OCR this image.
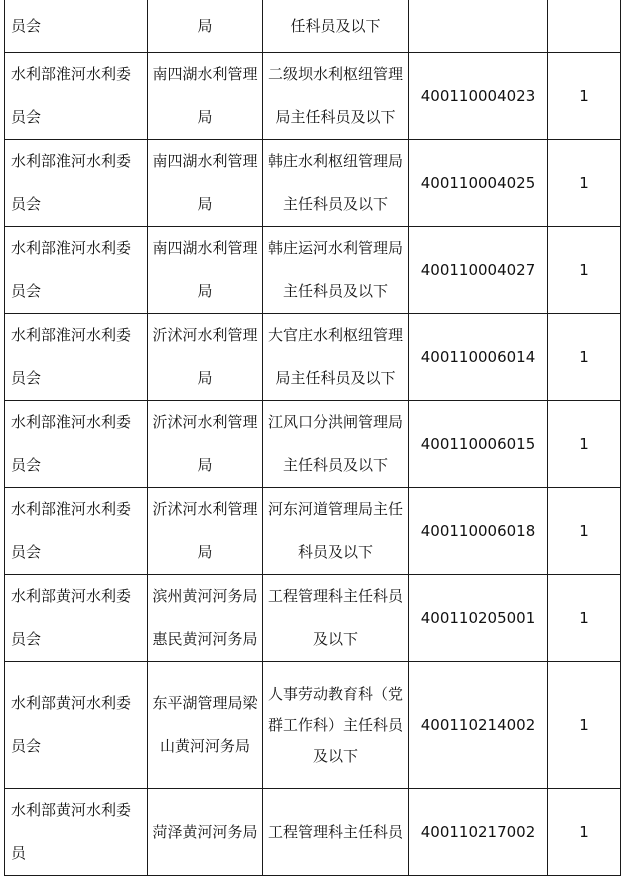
员会	局	任科员及以下		
水利部淮河水利委员会	南四湖水利管理局	二级坝水利枢纽管理局主任科员及以下	400110004023	1
水利部淮河水利委员会	南四湖水利管理局	韩庄水利枢纽管理局主任科员及以下	400110004025	1
水利部淮河水利委员会	南四湖水利管理局	韩庄运河水利管理局主任科员及以下	400110004027	1
水利部淮河水利委员会	沂沭河水利管理局	大官庄水利枢纽管理局主任科员及以下	400110006014	1
水利部淮河水利委员会	沂沭河水利管理局	江风口分洪闸管理局主任科员及以下	400110006015	1
水利部淮河水利委员会	沂沭河水利管理局	河东河道管理局主任科员及以下	400110006018	1
水利部黄河水利委员会	滨州黄河河务局惠民黄河河务局	工程管理科主任科员及以下	400110205001	1
水利部黄河水利委员会	东平湖管理局梁山黄河河务局	人事劳动教育科（党群工作科）主任科员及以下	400110214002	1
水利部黄河水利委员	菏泽黄河河务局	工程管理科主任科员	400110217002	1
